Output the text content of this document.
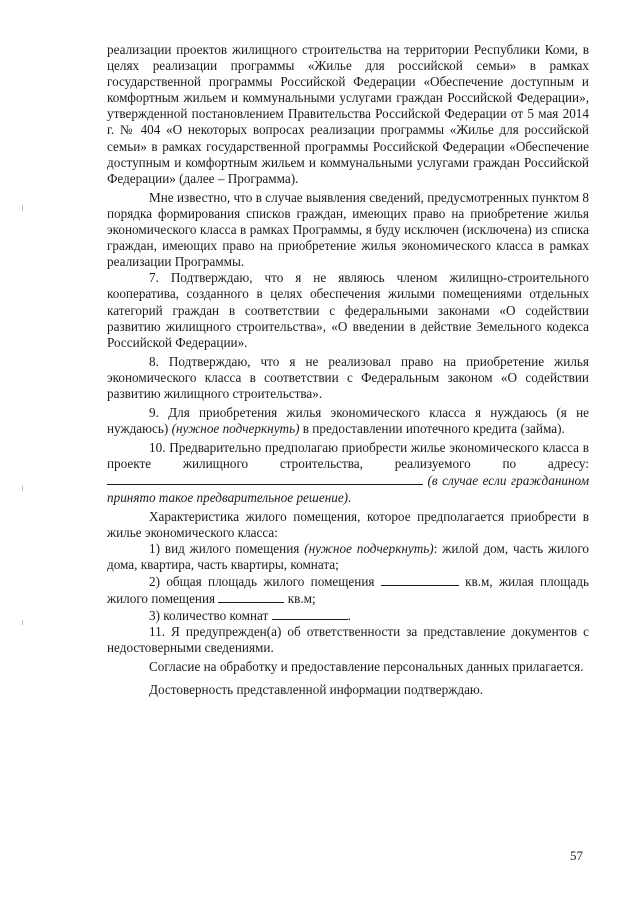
реализации проектов жилищного строительства на территории Республики Коми, в целях реализации программы «Жилье для российской семьи» в рамках государственной программы Российской Федерации «Обеспечение доступным и комфортным жильем и коммунальными услугами граждан Российской Федерации», утвержденной постановлением Правительства Российской Федерации от 5 мая 2014 г. № 404 «О некоторых вопросах реализации программы «Жилье для российской семьи» в рамках государственной программы Российской Федерации «Обеспечение доступным и комфортным жильем и коммунальными услугами граждан Российской Федерации» (далее – Программа).

Мне известно, что в случае выявления сведений, предусмотренных пунктом 8 порядка формирования списков граждан, имеющих право на приобретение жилья экономического класса в рамках Программы, я буду исключен (исключена) из списка граждан, имеющих право на приобретение жилья экономического класса в рамках реализации Программы.

7. Подтверждаю, что я не являюсь членом жилищно-строительного кооператива, созданного в целях обеспечения жилыми помещениями отдельных категорий граждан в соответствии с федеральными законами «О содействии развитию жилищного строительства», «О введении в действие Земельного кодекса Российской Федерации».

8. Подтверждаю, что я не реализовал право на приобретение жилья экономического класса в соответствии с Федеральным законом «О содействии развитию жилищного строительства».

9. Для приобретения жилья экономического класса я нуждаюсь (я не нуждаюсь) (нужное подчеркнуть) в предоставлении ипотечного кредита (займа).

10. Предварительно предполагаю приобрести жилье экономического класса в проекте жилищного строительства, реализуемого по адресу:  (в случае если гражданином принято такое предварительное решение).

Характеристика жилого помещения, которое предполагается приобрести в жилье экономического класса:

1) вид жилого помещения (нужное подчеркнуть): жилой дом, часть жилого дома, квартира, часть квартиры, комната;

2) общая площадь жилого помещения	кв.м, жилая площадь жилого помещения	кв.м;

3) количество комнат	.

11. Я предупрежден(а) об ответственности за представление документов с недостоверными сведениями.

Согласие на обработку и предоставление персональных данных прилагается.

Достоверность представленной информации подтверждаю.

57
